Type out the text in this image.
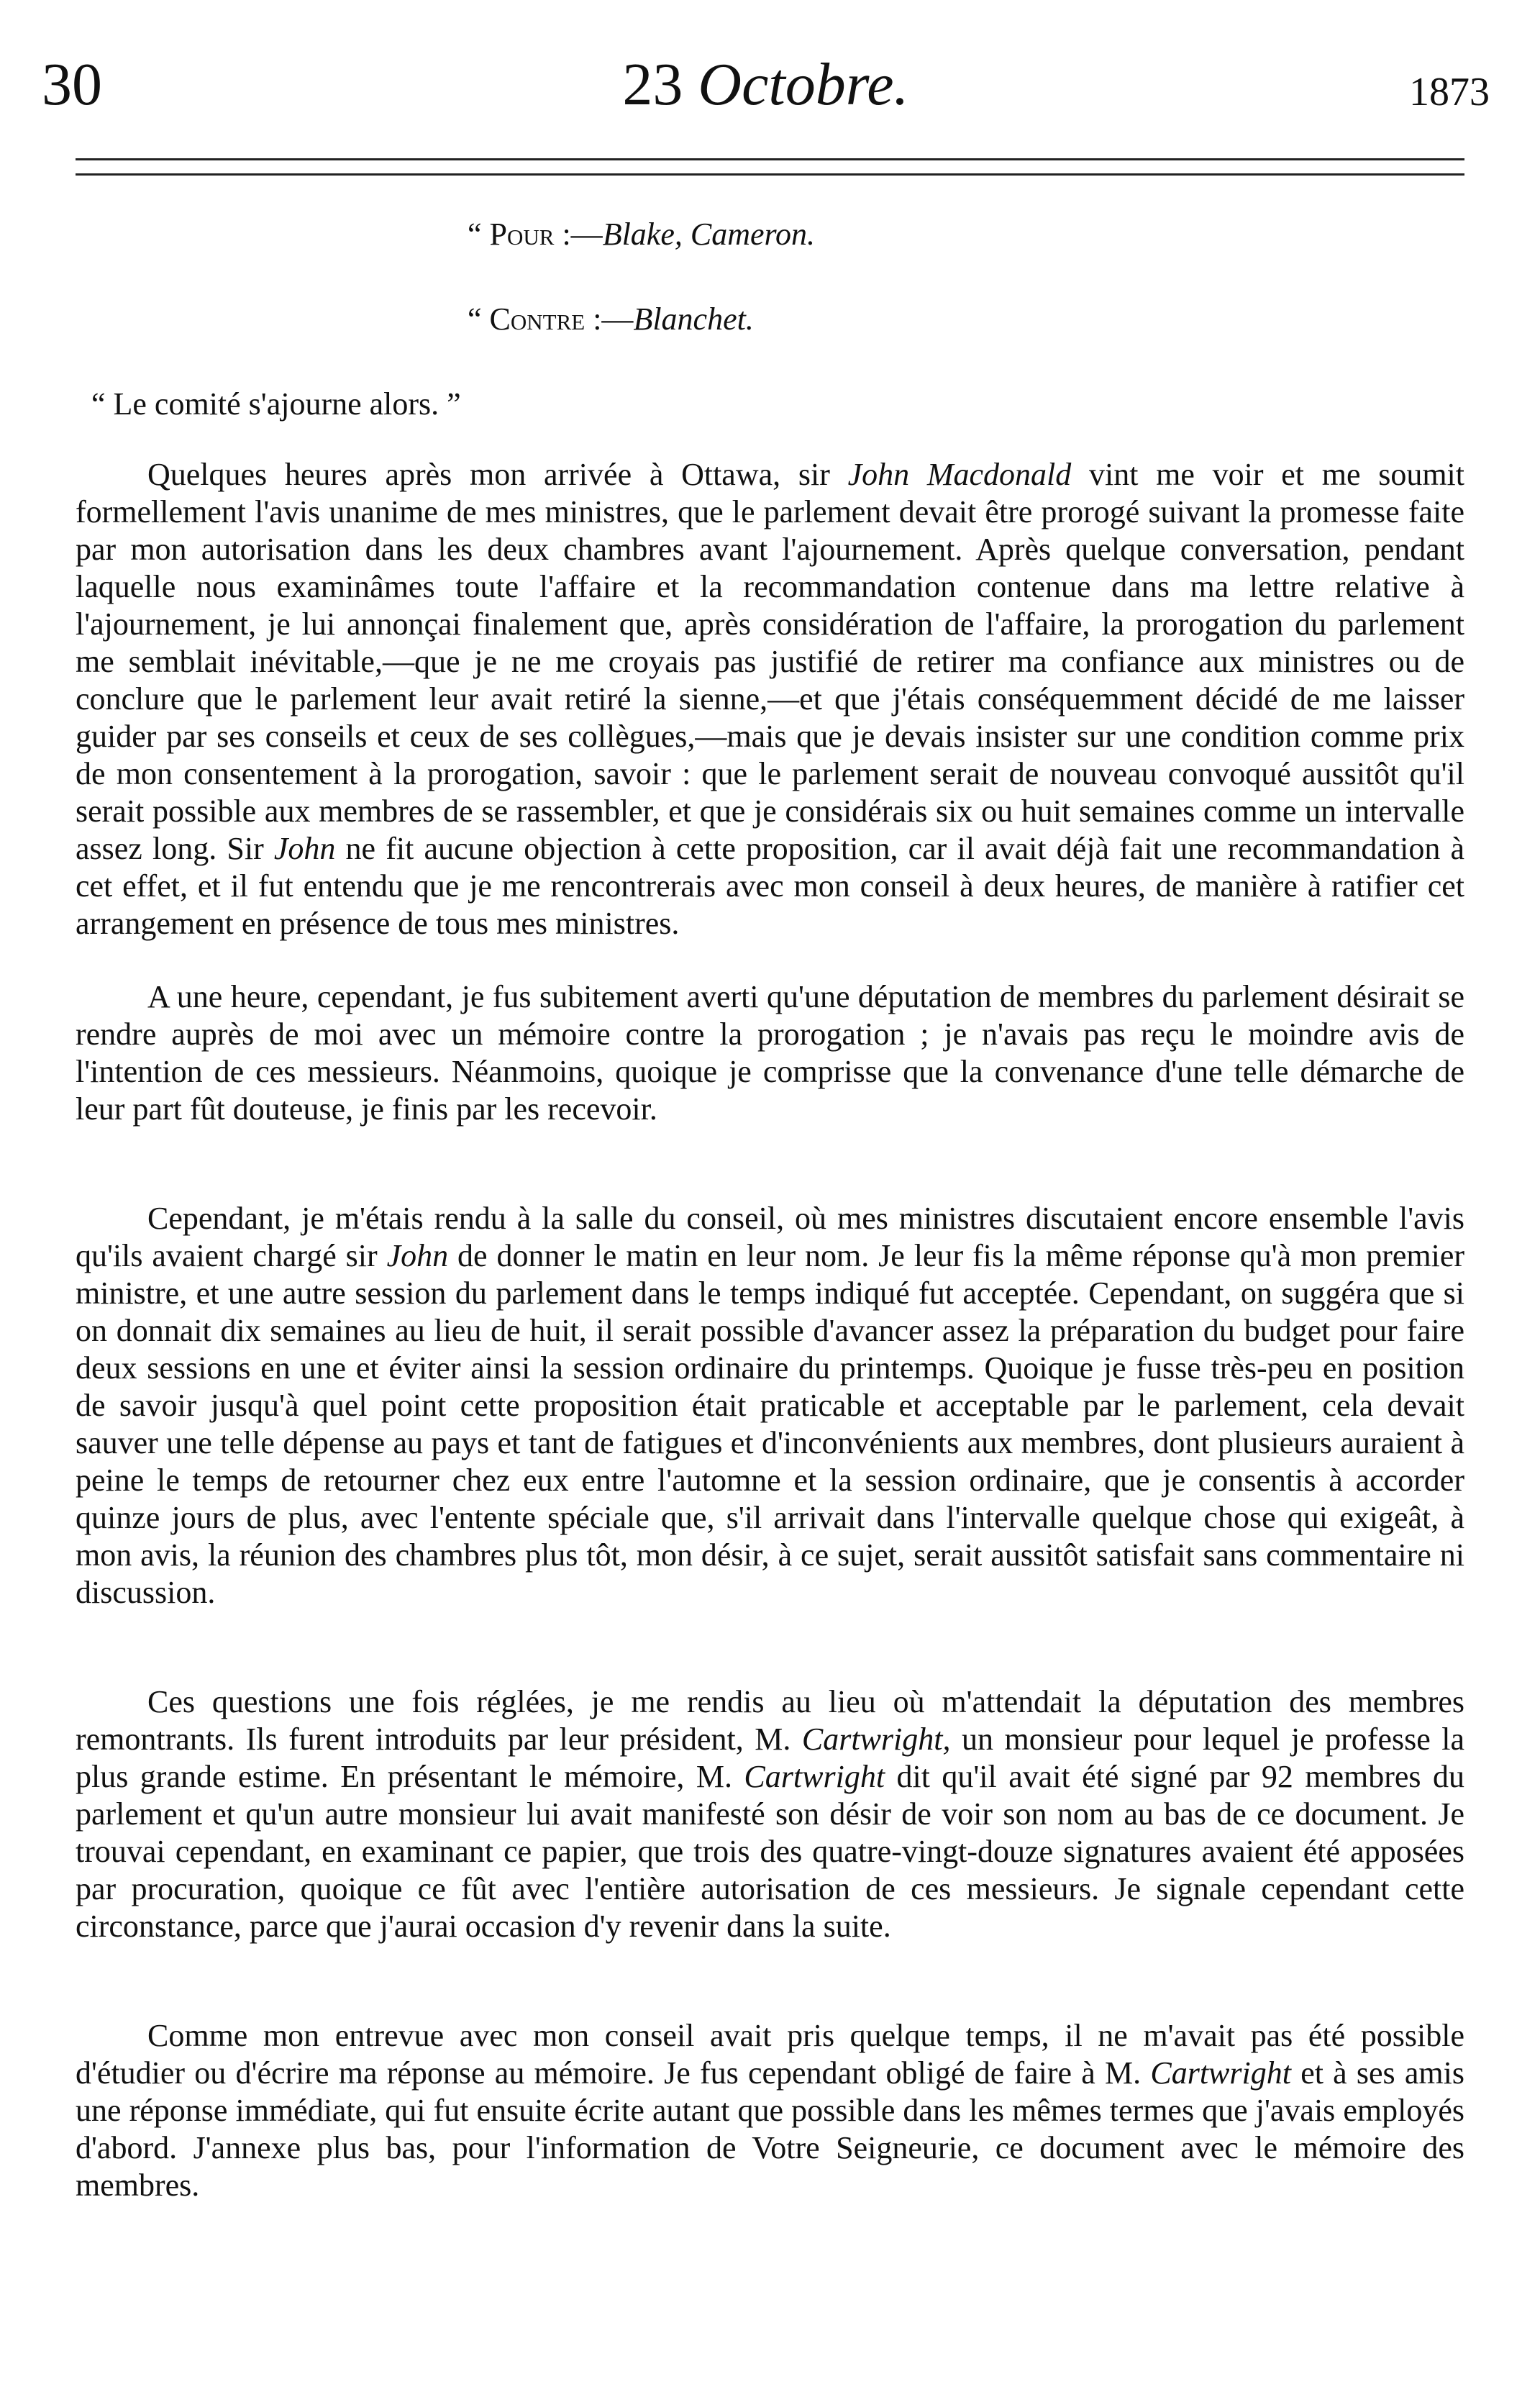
30	23 Octobre.	1873

“ Pour :—Blake, Cameron.

“ Contre :—Blanchet.

“ Le comité s'ajourne alors. ”

Quelques heures après mon arrivée à Ottawa, sir John Macdonald vint me voir et me soumit formellement l'avis unanime de mes ministres, que le parlement devait être prorogé suivant la promesse faite par mon autorisation dans les deux chambres avant l'ajournement. Après quelque conversation, pendant laquelle nous examinâmes toute l'affaire et la recommandation contenue dans ma lettre relative à l'ajournement, je lui annonçai finalement que, après considération de l'affaire, la prorogation du parlement me semblait inévitable,—que je ne me croyais pas justifié de retirer ma confiance aux ministres ou de conclure que le parlement leur avait retiré la sienne,—et que j'étais conséquemment décidé de me laisser guider par ses conseils et ceux de ses collègues,—mais que je devais insister sur une condition comme prix de mon consentement à la prorogation, savoir : que le parlement serait de nouveau convoqué aussitôt qu'il serait possible aux membres de se rassembler, et que je considérais six ou huit semaines comme un intervalle assez long. Sir John ne fit aucune objection à cette proposition, car il avait déjà fait une recommandation à cet effet, et il fut entendu que je me rencontrerais avec mon conseil à deux heures, de manière à ratifier cet arrangement en présence de tous mes ministres.

A une heure, cependant, je fus subitement averti qu'une députation de membres du parlement désirait se rendre auprès de moi avec un mémoire contre la prorogation ; je n'avais pas reçu le moindre avis de l'intention de ces messieurs. Néanmoins, quoique je comprisse que la convenance d'une telle démarche de leur part fût douteuse, je finis par les recevoir.

Cependant, je m'étais rendu à la salle du conseil, où mes ministres discutaient encore ensemble l'avis qu'ils avaient chargé sir John de donner le matin en leur nom. Je leur fis la même réponse qu'à mon premier ministre, et une autre session du parlement dans le temps indiqué fut acceptée. Cependant, on suggéra que si on donnait dix semaines au lieu de huit, il serait possible d'avancer assez la préparation du budget pour faire deux sessions en une et éviter ainsi la session ordinaire du printemps. Quoique je fusse très-peu en position de savoir jusqu'à quel point cette proposition était praticable et acceptable par le parlement, cela devait sauver une telle dépense au pays et tant de fatigues et d'inconvénients aux membres, dont plusieurs auraient à peine le temps de retourner chez eux entre l'automne et la session ordinaire, que je consentis à accorder quinze jours de plus, avec l'entente spéciale que, s'il arrivait dans l'intervalle quelque chose qui exigeât, à mon avis, la réunion des chambres plus tôt, mon désir, à ce sujet, serait aussitôt satisfait sans commentaire ni discussion.

Ces questions une fois réglées, je me rendis au lieu où m'attendait la députation des membres remontrants. Ils furent introduits par leur président, M. Cartwright, un monsieur pour lequel je professe la plus grande estime. En présentant le mémoire, M. Cartwright dit qu'il avait été signé par 92 membres du parlement et qu'un autre monsieur lui avait manifesté son désir de voir son nom au bas de ce document. Je trouvai cependant, en examinant ce papier, que trois des quatre-vingt-douze signatures avaient été apposées par procuration, quoique ce fût avec l'entière autorisation de ces messieurs. Je signale cependant cette circonstance, parce que j'aurai occasion d'y revenir dans la suite.

Comme mon entrevue avec mon conseil avait pris quelque temps, il ne m'avait pas été possible d'étudier ou d'écrire ma réponse au mémoire. Je fus cependant obligé de faire à M. Cartwright et à ses amis une réponse immédiate, qui fut ensuite écrite autant que possible dans les mêmes termes que j'avais employés d'abord. J'annexe plus bas, pour l'information de Votre Seigneurie, ce document avec le mémoire des membres.
